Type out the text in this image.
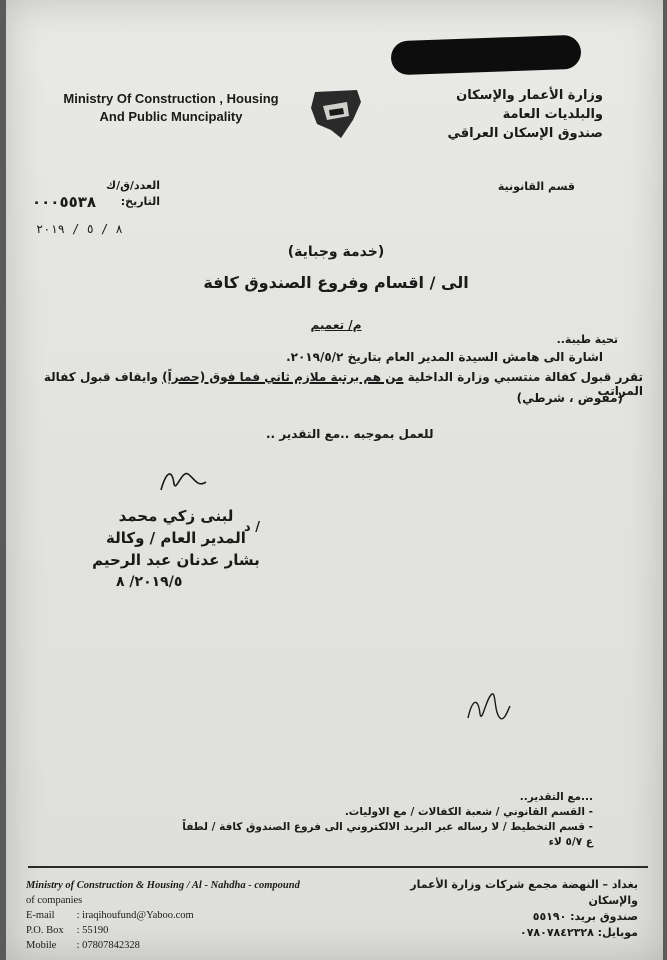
Ministry Of Construction , Housing
And Public Muncipality
وزارة الأعمار والإسكان
والبلديات العامة
صندوق الإسكان العراقي
العدد/ق/ك
التاريخ:
٠٠٠٥٥٣٨
٨ / ٥ / ٢٠١٩
قسم القانونية
(خدمة وجباية)
الى / اقسام وفروع الصندوق كافة
م/ تعميم
تحية طيبة..
اشارة الى هامش السيدة المدير العام بتاريخ ٢٠١٩/٥/٢.
تقرر قبول كفالة منتسبي وزارة الداخلية من هم برتبة ملازم ثاني فما فوق (حصراً) وايقاف قبول كفالة المراتب
(مفوض ، شرطي)
للعمل بموجبه ..مع التقدير ..
د /
لبنى زكي محمد
المدير العام / وكالة
بشار عدنان عبد الرحيم
٢٠١٩/٥/ ٨
...مع التقدير..
- القسم القانوني / شعبة الكفالات / مع الاوليات.
- قسم التخطيط / لا رساله عبر البريد الالكتروني الى فروع الصندوق كافة / لطفاً
ع ٥/٧ لاء
Ministry of Construction & Housing / Al - Nahdha - compound
of companies
E-mail : iraqihoufund@Yaboo.com
P.O. Box : 55190
Mobile : 07807842328
بغداد – النهضة مجمع شركات وزارة الأعمار والإسكان
صندوق بريد: ٥٥١٩٠
موبايل: ٠٧٨٠٧٨٤٢٣٢٨
